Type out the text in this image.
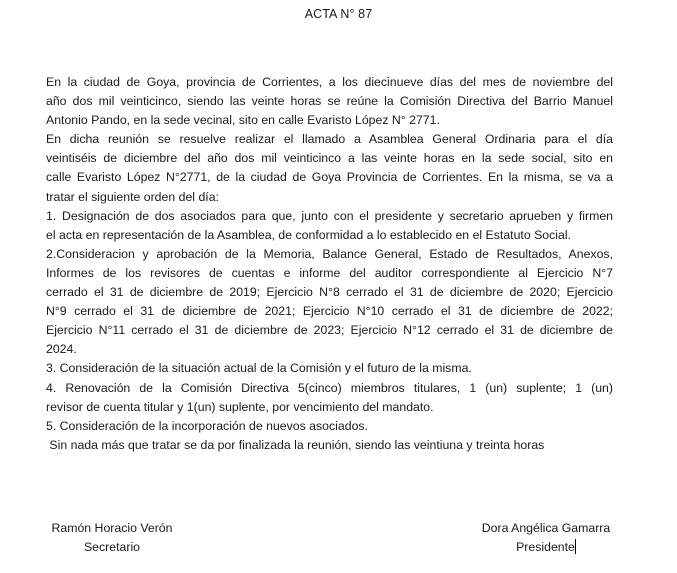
ACTA N° 87
En la ciudad de Goya, provincia de Corrientes, a los diecinueve días del mes de noviembre del
año dos mil veinticinco, siendo las veinte horas se reúne la Comisión Directiva del Barrio Manuel
Antonio Pando, en la sede vecinal, sito en calle Evaristo López N° 2771.
En dicha reunión se resuelve realizar el llamado a Asamblea General Ordinaria para el día
veintiséis de diciembre del año dos mil veinticinco a las veinte horas en la sede social, sito en
calle Evaristo López N°2771, de la ciudad de Goya Provincia de Corrientes. En la misma, se va a
tratar el siguiente orden del día:
1. Designación de dos asociados para que, junto con el presidente y secretario aprueben y firmen
el acta en representación de la Asamblea, de conformidad a lo establecido en el Estatuto Social.
2.Consideracion y aprobación de la Memoria, Balance General, Estado de Resultados, Anexos,
Informes de los revisores de cuentas e informe del auditor correspondiente al Ejercicio N°7
cerrado el 31 de diciembre de 2019; Ejercicio N°8 cerrado el 31 de diciembre de 2020; Ejercicio
N°9 cerrado el 31 de diciembre de 2021; Ejercicio N°10 cerrado el 31 de diciembre de 2022;
Ejercicio N°11 cerrado el 31 de diciembre de 2023; Ejercicio N°12 cerrado el 31 de diciembre de
2024.
3. Consideración de la situación actual de la Comisión y el futuro de la misma.
4. Renovación de la Comisión Directiva 5(cinco) miembros titulares, 1 (un) suplente; 1 (un)
revisor de cuenta titular y 1(un) suplente, por vencimiento del mandato.
5. Consideración de la incorporación de nuevos asociados.
Sin nada más que tratar se da por finalizada la reunión, siendo las veintiuna y treinta horas
Ramón Horacio Verón
Secretario
Dora Angélica Gamarra
Presidente
